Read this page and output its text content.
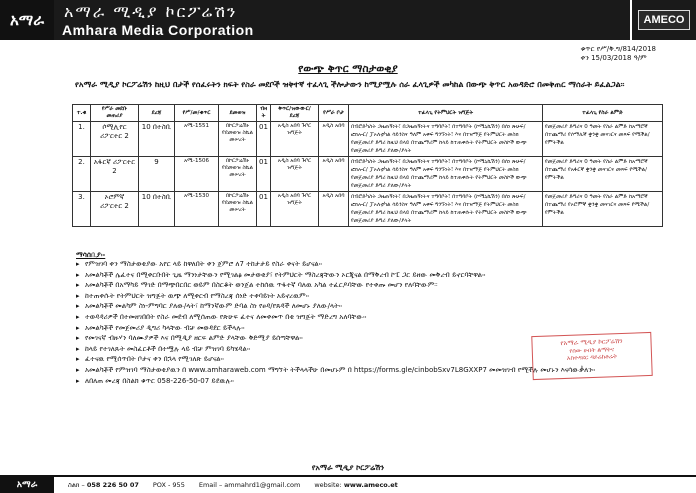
አማራ አማራ ሚዲያ ኮርፖሬሽን
Amhara Media Corporation
AMECO
ቁጥር የሥ/ቅ.ግ/814/2018
ቀን 15/03/2018 ዓ/ም
የውጭ ቅጥር ማስታወቂያ
የአማራ ሚዲያ ኮርፖሬሽን ከዚህ በታች የሰፈሩትን ክፍት የስራ መደቦች ዝቅተኛ ተፈላጊ ችሎታውን ከሚያሟሉ ሰራ ፈላጊዎች መካከል በውጭ ቅጥር አወዳድሮ በመቅጠር ማሰራት ይፈልጋል፡፡
ተ.ቁ	የሥራ መደቡ መጠሪያ	ደረጃ	የሥ/መ/ቁጥር	ደመወዝ	ብዛ ት	ቅጥር/ዝውውር/ ደረጃ	የሥራ ቦታ	ተፈላጊ የትምህርት ዝግጅት	ተፈላጊ የስራ ልምድ
1.	ሶሚሊየር ሪፖርተር 2	10 በተስቢ	አሚ-1551	በኮርፖሬሽኑ የደመወዝ ስኬል መሠረት	01	አዲስ አበባ ጉቦር ዝግጅት	አዲስ አበባ	በብሮድካስት ጋዜጠኝነት፣ በጋዜጠኝነትና ተግባቦት፣ በተግባቦት (ኮሚኒኬሽን) በሰነ ጽሁፍ/ፎክሎር/ ፓኦለቲካል ሳይንስና ዓለም አቀፍ ግንኙነት፣ እና በተዛማጅ የትምህርት መስክ የመጀመሪያ ድግሪ ከዚህ በላይ በተጨማሪም ከላይ ከተጠቀሱት የትምህርት መስኮች ውጭ የመጀመሪያ ድግሪ ያለው/ያላት	የመጀመሪያ ድግሪና 0 ዓመት የስራ ልምድ ከአማሮኛ በተጨማሪ የሶማሊኛ ቋንቋ መናገርና መጻፍ የሚችል/የምትችል
2.	አፋርኛ ሪፖርተር 2	9	አሚ-1506	በኮርፖሬሽኑ የደመወዝ ስኬል መሠረት	01	አዲስ አበባ ጉቦር ዝግጅት	አዲስ አበባ	በብሮድካስት ጋዜጠኝነት፣ በጋዜጠኝነትና ተግባቦት፣ በተግባቦት (ኮሚኒኬሽን) በሰነ ጽሁፍ/ፎክሎር/ ፓኦለቲካል ሳይንስና ዓለም አቀፍ ግንኙነት፣ እና በተዛማጅ የትምህርት መስክ የመጀመሪያ ድግሪ ከዚህ በላይ በተጨማሪም ከላይ ከተጠቀሱት የትምህርት መስኮች ውጭ የመጀመሪያ ድግሪ ያለው/ያላት	የመጀመሪያ ድግሪና 0 ዓመት የስራ ልምድ ከአማሮኛ በተጨማሪ የአፋርኛ ቋንቋ መናገርና መጻፍ የሚችል/የምትችል
3.	ኦሮምኛ ሪፖርተር 2	10 በተስቢ	አሚ-1530	በኮርፖሬሽኑ የደመወዝ ስኬል መሠረት	01	አዲስ አበባ ጉቦር ዝግጅት	አዲስ አበባ	በብሮድካስት ጋዜጠኝነት፣ በጋዜጠኝነትና ተግባቦት፣ በተግባቦት (ኮሚኒኬሽን) በሰነ ጽሁፍ/ፎክሎር/ ፓኦለቲካል ሳይንስና ዓለም አቀፍ ግንኙነት፣ እና በተዛማጅ የትምህርት መስክ የመጀመሪያ ድግሪ ከዚህ በላይ በተጨማሪም ከላይ ከተጠቀሱት የትምህርት መስኮች ውጭ የመጀመሪያ ድግሪ ያለው/ያላት	የመጀመሪያ ድግሪና 0 ዓመት የስራ ልምድ ከአማሮኛ በተጨማሪ የኦሮምኛ ቋንቋ መናገርና መጻፍ የሚችል/የምትችል
ማሳሰቢያ፡-
▸ የምዝገባ ቀን ማስታወቂያው አየር ላይ ከዋለበት ቀን ጀምሮ ለ7 ተከታታይ የስራ ቀናት ይሆናል፡፡
▸ አመልካቾች ሌፈተና በሚቀርቡበት ጊዜ ማንነታቸውን የሚገልፅ መታወቂያ፣ የትምህርት ማስረጃቸውን ኦርጂናል በማቅረብ ኮፒ ጋር ይዘው መቅረብ ይኖርባቸዋል፡፡
▸ አመልካቾች በአማካይ ማገድ በማጭበርበር ወይም በስርቆት ወንጀል ተከሰዉ ጥፋተኛ ባለዉ አካል ተፈርዶባቸው የተቀጡ መሆን የለባቸውም።
▸ ከተጠቀሱት የትምህርት ዝግጅት ዉጭ ለሚቀርብ የማስረጃ ሰነድ ተቀባይነት አይኖረዉም፡፡
▸ አመልካቾች መልካም ስነ-ምግባር ያለው/ላት፣ ከማንኛውም ድባል ስነ የፀዳ/የጸዳች ለመሆኑ ያለው/ላት፡፡
▸ ተወዳዳሪዎች በተመዘገበበት የስራ መደብ ለሚሰጠው የጽሁፍ ፈተና ለመቀመጥ በቂ ዝግጅት ማድረግ አለባቸው፡፡
▸ አመልካቾች የመጀመሪያ ዲግሪ ካላቸው ብቻ መወዳደር ይችላሉ፡፡
▸ የመገናኛ ብዙሃን ባለሙያዎች እና በሚዲያ ዘርፍ ልምድ ያላቸው ቅድሚያ ይሰጣቸዋል፡፡
▸ ከላይ የተገለጹት መስፈርቶች በተሟሉ ላይ ብቻ ምዝገባ ይካሄዳል፡፡
▸ ፈተናዉ የሚሰጥበት ቦታና ቀን በኋላ የሚገለጽ ይሆናል፡፡
▸ አመልካቾች የምዝገባ ማስታወቂያዉን በ www.amharaweb.com ማግኘት ትችላላችሁ በመሆኑም በ https://forms.gle/cinbobSxv7L8GXXP7 መመዝገብ የሚችሉ መሆኑን እናሳውቃለን፡፡
▸ ለበለጠ መረጃ በስልክ ቁጥር 058-226-50-07 ይደዉሉ፡፡
የአማራ ሚዲያ ኮርፖሬሽን
የሰው ሀብት ልማትና
አስተዳደር ዳይሬክቶሬት
የአማራ ሚዲያ ኮርፖሬሽን
አማራ	ስልክ – 058 226 50 07 POX - 955 Email – ammahrd1@gmail.com website: www.ameco.et
